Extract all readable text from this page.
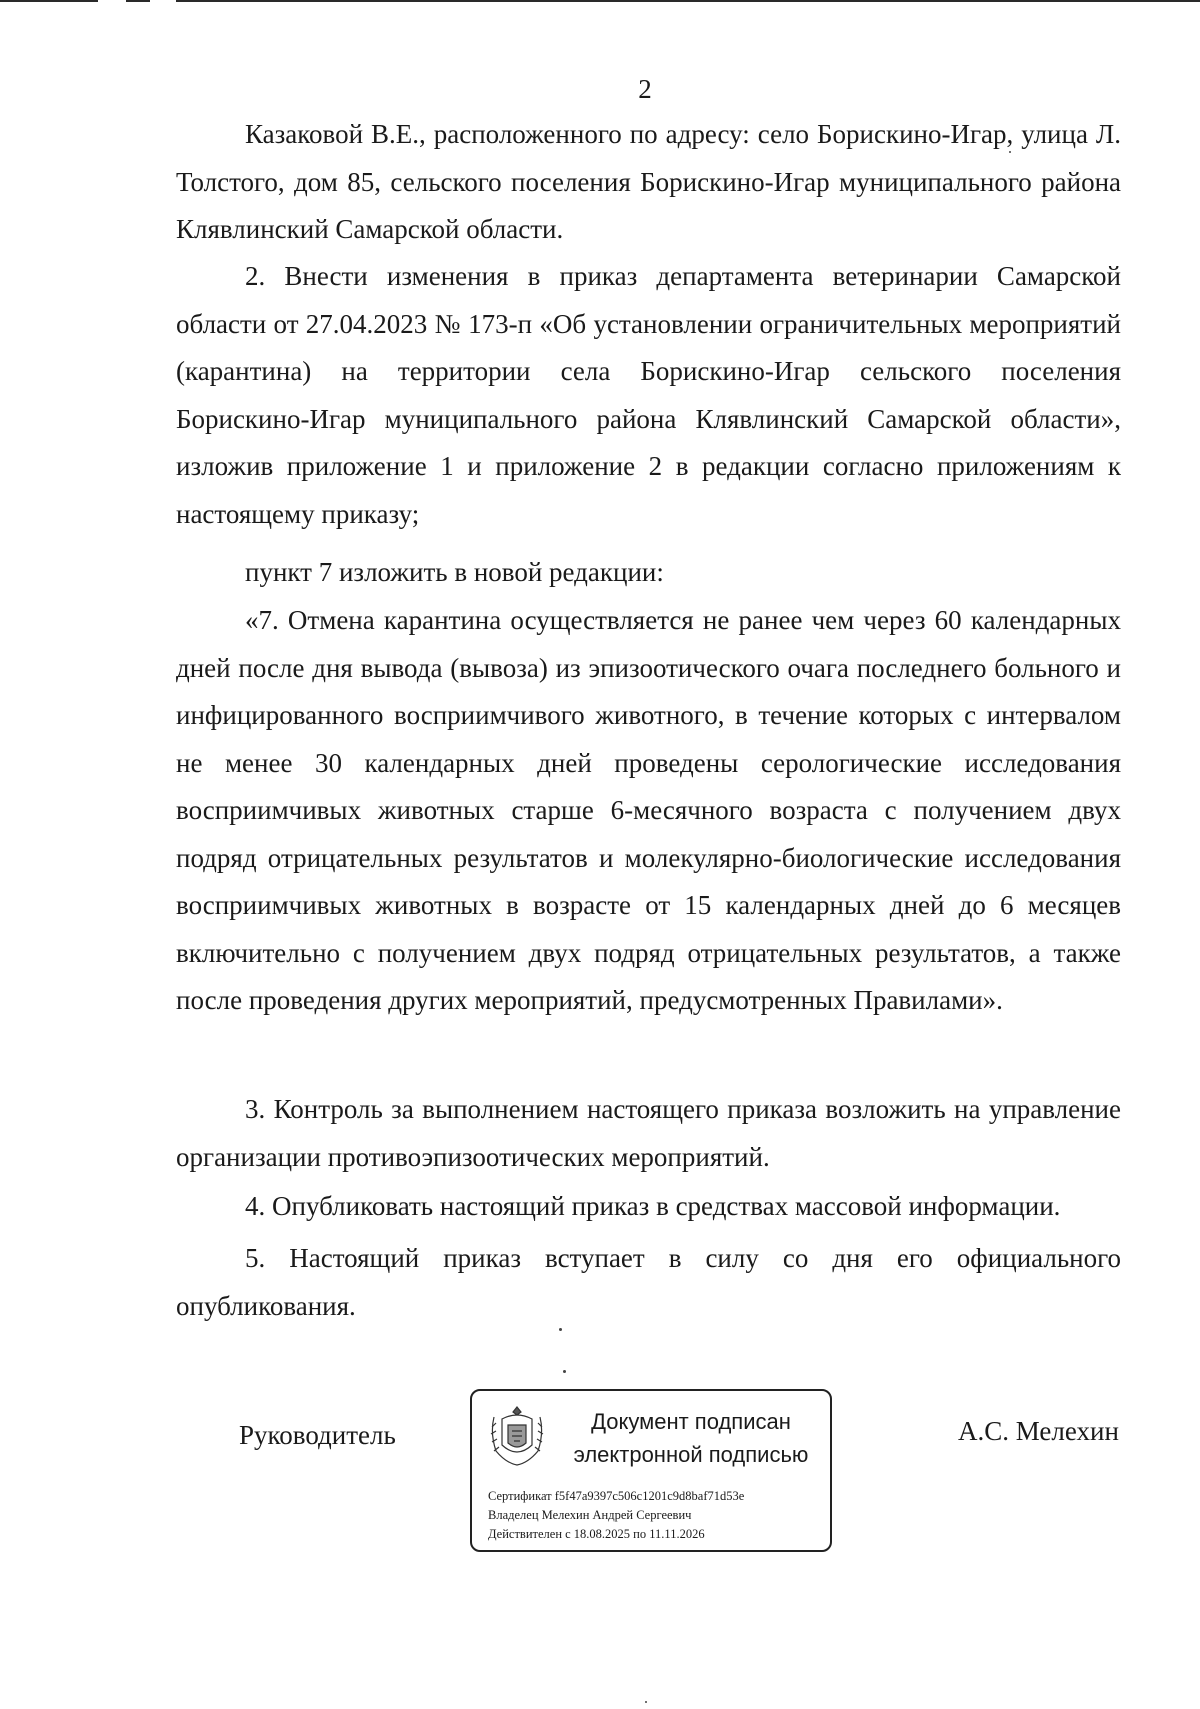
2

Казаковой В.Е., расположенного по адресу: село Борискино-Игар, улица Л. Толстого, дом 85, сельского поселения Борискино-Игар муниципального района Клявлинский Самарской области.

2. Внести изменения в приказ департамента ветеринарии Самарской области от 27.04.2023 № 173-п «Об установлении ограничительных мероприятий (карантина) на территории села Борискино-Игар сельского поселения Борискино-Игар муниципального района Клявлинский Самарской области», изложив приложение 1 и приложение 2 в редакции согласно приложениям к настоящему приказу;

пункт 7 изложить в новой редакции:

«7. Отмена карантина осуществляется не ранее чем через 60 календарных дней после дня вывода (вывоза) из эпизоотического очага последнего больного и инфицированного восприимчивого животного, в течение которых с интервалом не менее 30 календарных дней проведены серологические исследования восприимчивых животных старше 6-месячного возраста с получением двух подряд отрицательных результатов и молекулярно-биологические исследования восприимчивых животных в возрасте от 15 календарных дней до 6 месяцев включительно с получением двух подряд отрицательных результатов, а также после проведения других мероприятий, предусмотренных Правилами».

3. Контроль за выполнением настоящего приказа возложить на управление организации противоэпизоотических мероприятий.

4. Опубликовать настоящий приказ в средствах массовой информации.

5. Настоящий приказ вступает в силу со дня его официального опубликования.

Руководитель	Документ подписан
электронной подписью
Сертификат f5f47a9397c506c1201c9d8baf71d53e
Владелец Мелехин Андрей Сергеевич
Действителен с 18.08.2025 по 11.11.2026
А.С. Мелехин
